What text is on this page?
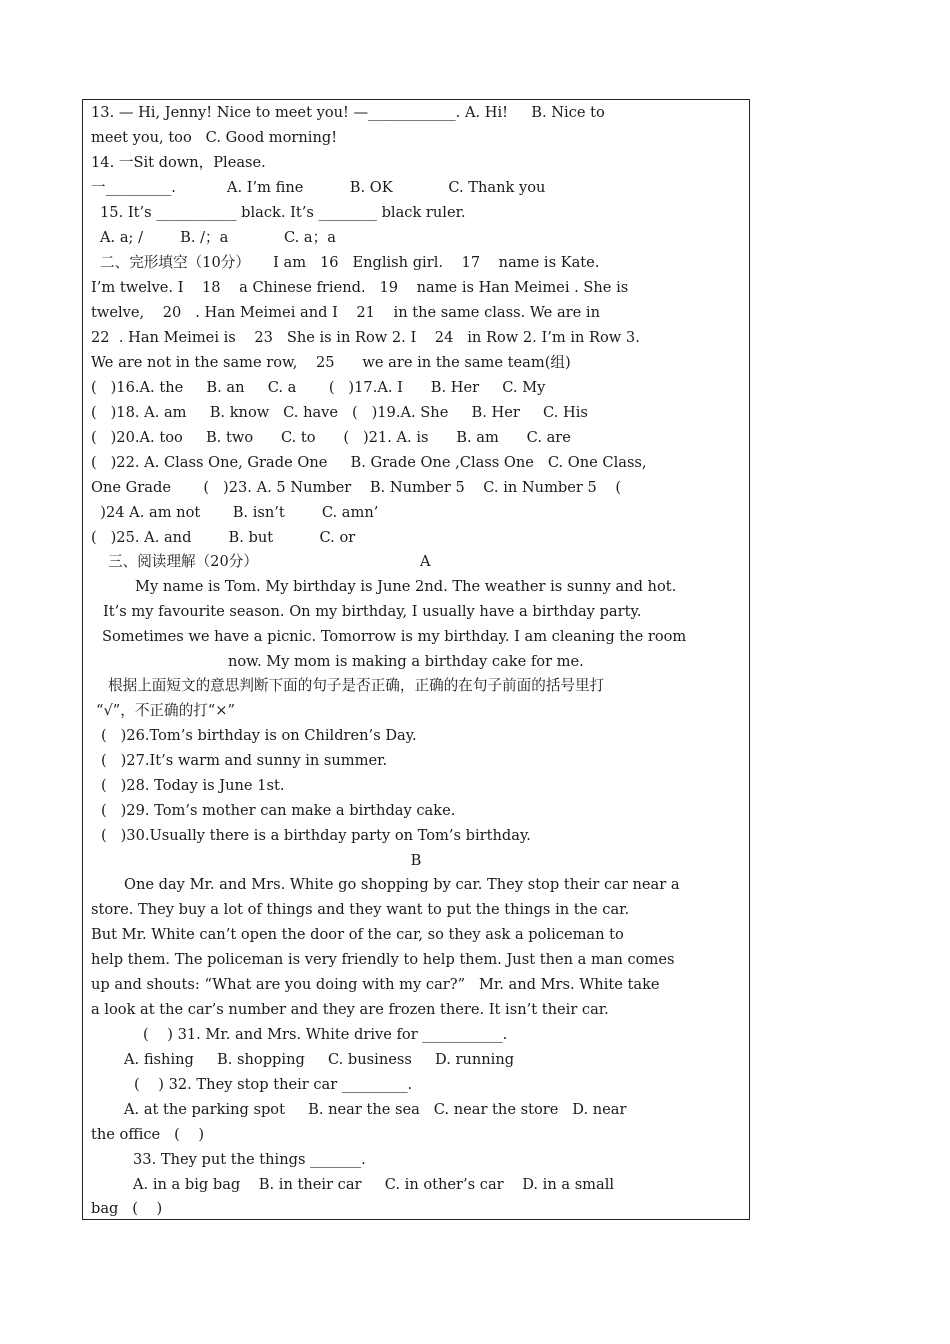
13. — Hi, Jenny! Nice to meet you! —____________. A. Hi!     B. Nice to
meet you, too   C. Good morning!
14. 一Sit down，Please.
一_________.           A. I’m fine          B. OK            C. Thank you
15. It’s ___________ black. It’s ________ black ruler.
A. a; /        B. /；a            C. a；a
二、完形填空（10分）     I am   16   English girl.    17    name is Kate.
I’m twelve. I    18    a Chinese friend.   19    name is Han Meimei . She is
twelve,    20   . Han Meimei and I    21    in the same class. We are in
22  . Han Meimei is    23   She is in Row 2. I    24   in Row 2. I’m in Row 3.
We are not in the same row,    25      we are in the same team(组)
(   )16.A. the     B. an     C. a       (   )17.A. I      B. Her     C. My
(   )18. A. am     B. know   C. have   (   )19.A. She     B. Her     C. His
(   )20.A. too     B. two      C. to      (   )21. A. is      B. am      C. are
(   )22. A. Class One, Grade One     B. Grade One ,Class One   C. One Class,
One Grade       (   )23. A. 5 Number    B. Number 5    C. in Number 5    (
)24 A. am not       B. isn’t        C. amn’
(   )25. A. and        B. but          C. or
三、阅读理解（20分）	A
My name is Tom. My birthday is June 2nd. The weather is sunny and hot.
It’s my favourite season. On my birthday, I usually have a birthday party.
Sometimes we have a picnic. Tomorrow is my birthday. I am cleaning the room
now. My mom is making a birthday cake for me.
根据上面短文的意思判断下面的句子是否正确，正确的在句子前面的括号里打
“√”，不正确的打“×”
(   )26.Tom’s birthday is on Children’s Day.
(   )27.It’s warm and sunny in summer.
(   )28. Today is June 1st.
(   )29. Tom’s mother can make a birthday cake.
(   )30.Usually there is a birthday party on Tom’s birthday.
B
One day Mr. and Mrs. White go shopping by car. They stop their car near a
store. They buy a lot of things and they want to put the things in the car.
But Mr. White can’t open the door of the car, so they ask a policeman to
help them. The policeman is very friendly to help them. Just then a man comes
up and shouts: “What are you doing with my car?”   Mr. and Mrs. White take
a look at the car’s number and they are frozen there. It isn’t their car.
(    ) 31. Mr. and Mrs. White drive for ___________.
A. fishing     B. shopping     C. business     D. running
(    ) 32. They stop their car _________.
A. at the parking spot     B. near the sea   C. near the store   D. near
the office   (    )
33. They put the things _______.
A. in a big bag    B. in their car     C. in other’s car    D. in a small
bag   (    )
